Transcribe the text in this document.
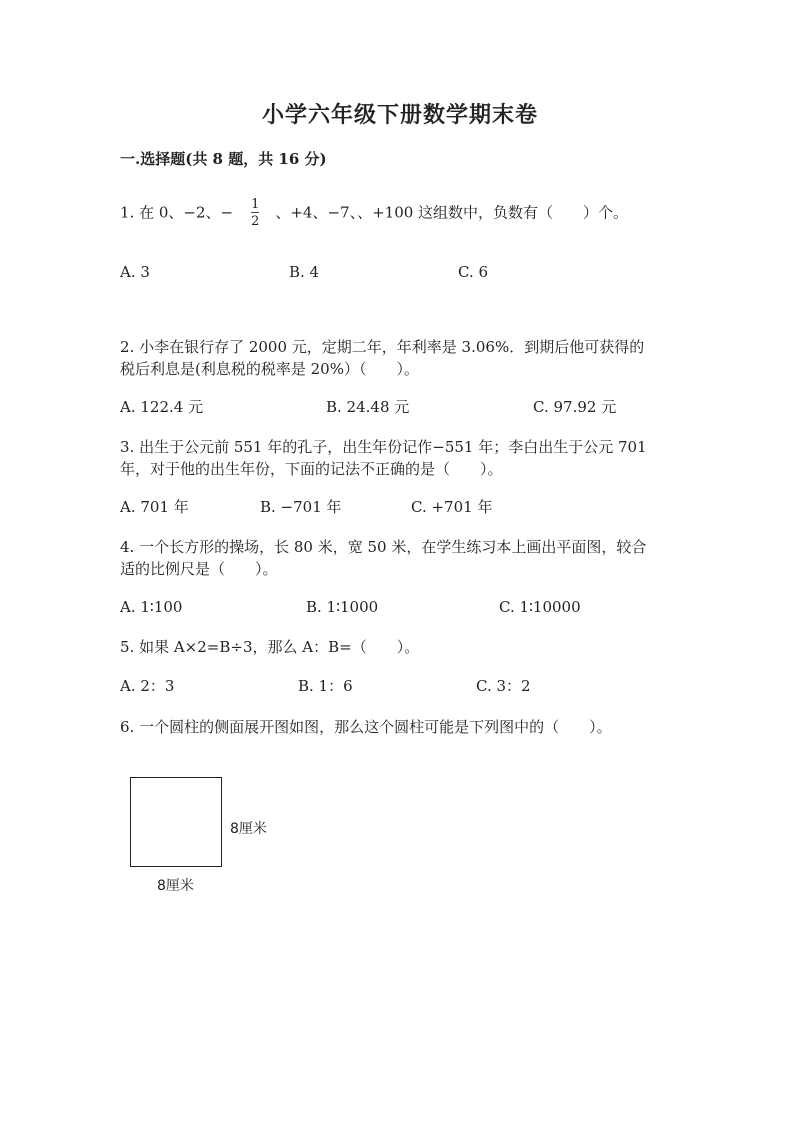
小学六年级下册数学期末卷

一.选择题(共 8 题，共 16 分)

1. 在 0、−2、− $\frac{1}{2}$ 、+4、−7、、+100 这组数中，负数有（　　）个。

A. 3	B. 4	C. 6

2. 小李在银行存了 2000 元，定期二年，年利率是 3.06%．到期后他可获得的
税后利息是(利息税的税率是 20%）（　　）。

A. 122.4 元	B. 24.48 元	C. 97.92 元

3. 出生于公元前 551 年的孔子，出生年份记作−551 年；李白出生于公元 701
年，对于他的出生年份，下面的记法不正确的是（　　）。

A. 701 年	B. −701 年	C. +701 年

4. 一个长方形的操场，长 80 米，宽 50 米，在学生练习本上画出平面图，较合
适的比例尺是（　　）。

A. 1∶100	B. 1∶1000	C. 1∶10000

5. 如果 A×2=B÷3，那么 A：B=（　　）。

A. 2：3	B. 1：6	C. 3：2

6. 一个圆柱的侧面展开图如图，那么这个圆柱可能是下列图中的（　　）。

8厘米
8厘米
